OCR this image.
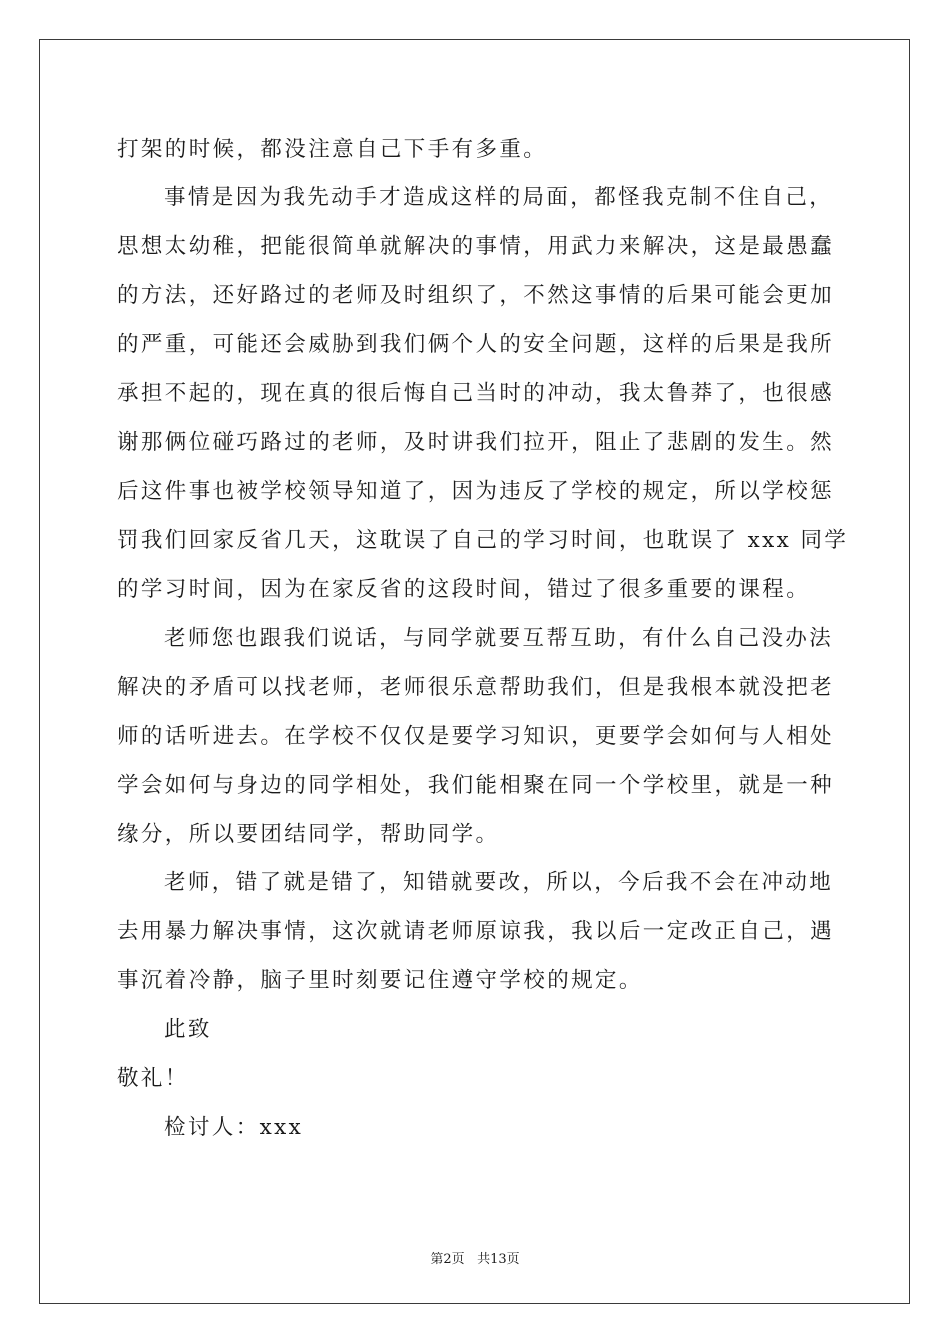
打架的时候，都没注意自己下手有多重。

事情是因为我先动手才造成这样的局面，都怪我克制不住自己，

思想太幼稚，把能很简单就解决的事情，用武力来解决，这是最愚蠢

的方法，还好路过的老师及时组织了，不然这事情的后果可能会更加

的严重，可能还会威胁到我们俩个人的安全问题，这样的后果是我所

承担不起的，现在真的很后悔自己当时的冲动，我太鲁莽了，也很感

谢那俩位碰巧路过的老师，及时讲我们拉开，阻止了悲剧的发生。然

后这件事也被学校领导知道了，因为违反了学校的规定，所以学校惩

罚我们回家反省几天，这耽误了自己的学习时间，也耽误了 xxx 同学

的学习时间，因为在家反省的这段时间，错过了很多重要的课程。

老师您也跟我们说话，与同学就要互帮互助，有什么自己没办法

解决的矛盾可以找老师，老师很乐意帮助我们，但是我根本就没把老

师的话听进去。在学校不仅仅是要学习知识，更要学会如何与人相处

学会如何与身边的同学相处，我们能相聚在同一个学校里，就是一种

缘分，所以要团结同学，帮助同学。

老师，错了就是错了，知错就要改，所以，今后我不会在冲动地

去用暴力解决事情，这次就请老师原谅我，我以后一定改正自己，遇

事沉着冷静，脑子里时刻要记住遵守学校的规定。

此致

敬礼！

检讨人：xxx

第2页 共13页
